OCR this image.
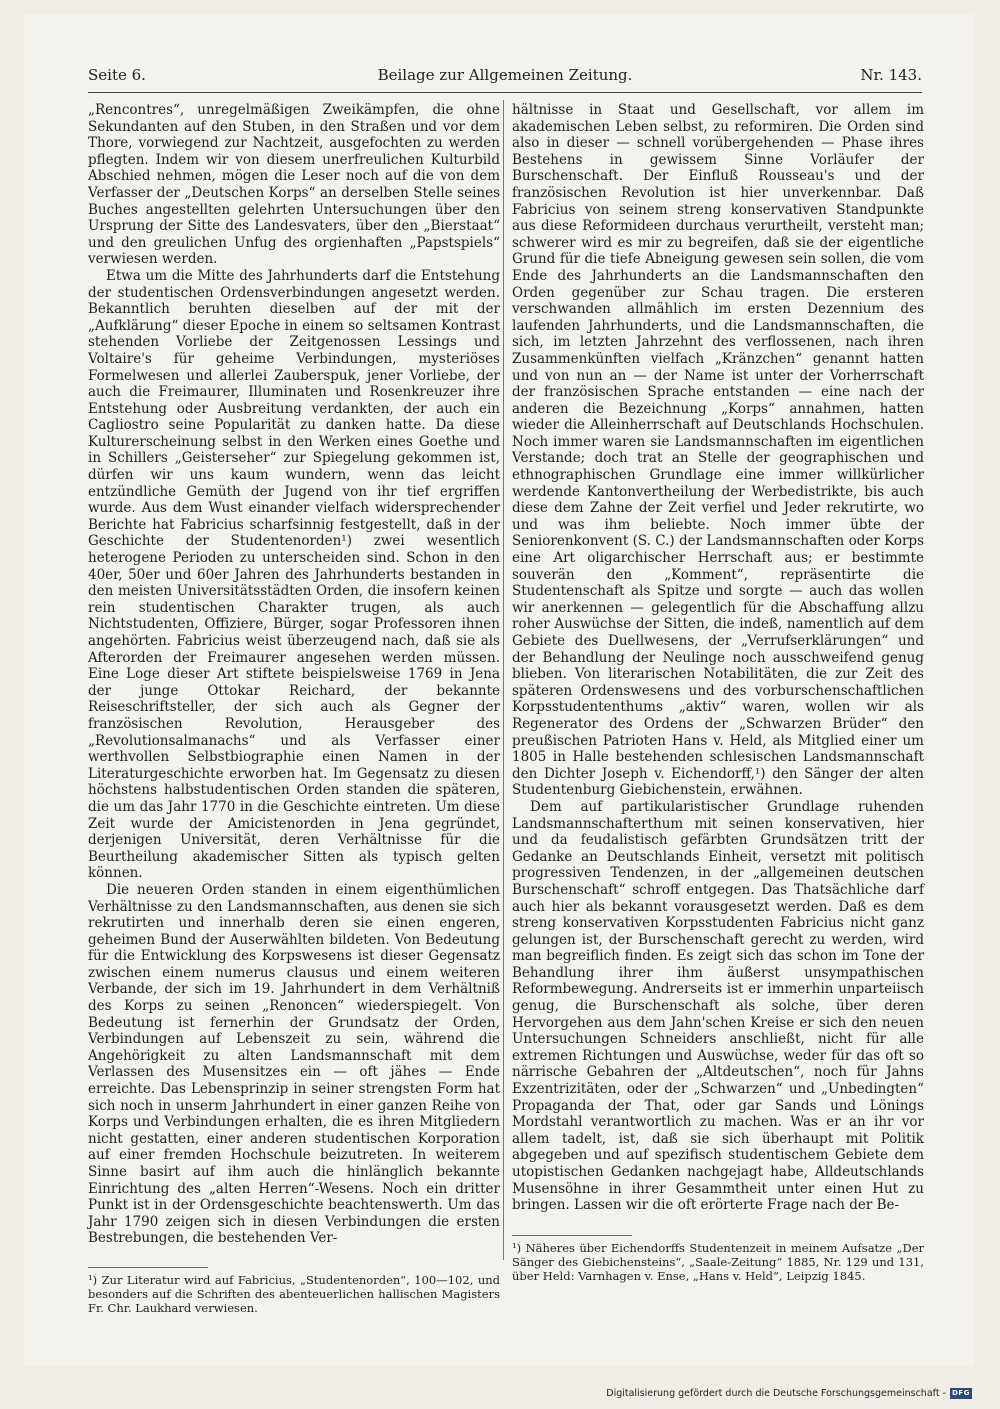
Beilage zur Allgemeinen Zeitung.
Seite 6.	Nr. 143.

„Rencontres“, unregelmäßigen Zweikämpfen, die ohne Sekundanten auf den Stuben, in den Straßen und vor dem Thore, vorwiegend zur Nachtzeit, ausgefochten zu werden pflegten. Indem wir von diesem unerfreulichen Kulturbild Abschied nehmen, mögen die Leser noch auf die von dem Verfasser der „Deutschen Korps“ an derselben Stelle seines Buches angestellten gelehrten Untersuchungen über den Ursprung der Sitte des Landesvaters, über den „Bierstaat“ und den greulichen Unfug des orgienhaften „Papstspiels“ verwiesen werden.

Etwa um die Mitte des Jahrhunderts darf die Entstehung der studentischen Ordensverbindungen angesetzt werden. Bekanntlich beruhten dieselben auf der mit der „Aufklärung“ dieser Epoche in einem so seltsamen Kontrast stehenden Vorliebe der Zeitgenossen Lessings und Voltaire's für geheime Verbindungen, mysteriöses Formelwesen und allerlei Zauberspuk, jener Vorliebe, der auch die Freimaurer, Illuminaten und Rosenkreuzer ihre Entstehung oder Ausbreitung verdankten, der auch ein Cagliostro seine Popularität zu danken hatte. Da diese Kulturerscheinung selbst in den Werken eines Goethe und in Schillers „Geisterseher“ zur Spiegelung gekommen ist, dürfen wir uns kaum wundern, wenn das leicht entzündliche Gemüth der Jugend von ihr tief ergriffen wurde. Aus dem Wust einander vielfach widersprechender Berichte hat Fabricius scharfsinnig festgestellt, daß in der Geschichte der Studentenorden¹) zwei wesentlich heterogene Perioden zu unterscheiden sind. Schon in den 40er, 50er und 60er Jahren des Jahrhunderts bestanden in den meisten Universitätsstädten Orden, die insofern keinen rein studentischen Charakter trugen, als auch Nichtstudenten, Offiziere, Bürger, sogar Professoren ihnen angehörten. Fabricius weist überzeugend nach, daß sie als Afterorden der Freimaurer angesehen werden müssen. Eine Loge dieser Art stiftete beispielsweise 1769 in Jena der junge Ottokar Reichard, der bekannte Reiseschriftsteller, der sich auch als Gegner der französischen Revolution, Herausgeber des „Revolutionsalmanachs“ und als Verfasser einer werthvollen Selbstbiographie einen Namen in der Literaturgeschichte erworben hat. Im Gegensatz zu diesen höchstens halbstudentischen Orden standen die späteren, die um das Jahr 1770 in die Geschichte eintreten. Um diese Zeit wurde der Amicistenorden in Jena gegründet, derjenigen Universität, deren Verhältnisse für die Beurtheilung akademischer Sitten als typisch gelten können.

Die neueren Orden standen in einem eigenthümlichen Verhältnisse zu den Landsmannschaften, aus denen sie sich rekrutirten und innerhalb deren sie einen engeren, geheimen Bund der Auserwählten bildeten. Von Bedeutung für die Entwicklung des Korpswesens ist dieser Gegensatz zwischen einem numerus clausus und einem weiteren Verbande, der sich im 19. Jahrhundert in dem Verhältniß des Korps zu seinen „Renoncen“ wiederspiegelt. Von Bedeutung ist fernerhin der Grundsatz der Orden, Verbindungen auf Lebenszeit zu sein, während die Angehörigkeit zu alten Landsmannschaft mit dem Verlassen des Musensitzes ein — oft jähes — Ende erreichte. Das Lebensprinzip in seiner strengsten Form hat sich noch in unserm Jahrhundert in einer ganzen Reihe von Korps und Verbindungen erhalten, die es ihren Mitgliedern nicht gestatten, einer anderen studentischen Korporation auf einer fremden Hochschule beizutreten. In weiterem Sinne basirt auf ihm auch die hinlänglich bekannte Einrichtung des „alten Herren“-Wesens. Noch ein dritter Punkt ist in der Ordensgeschichte beachtenswerth. Um das Jahr 1790 zeigen sich in diesen Verbindungen die ersten Bestrebungen, die bestehenden Ver-

hältnisse in Staat und Gesellschaft, vor allem im akademischen Leben selbst, zu reformiren. Die Orden sind also in dieser — schnell vorübergehenden — Phase ihres Bestehens in gewissem Sinne Vorläufer der Burschenschaft. Der Einfluß Rousseau's und der französischen Revolution ist hier unverkennbar. Daß Fabricius von seinem streng konservativen Standpunkte aus diese Reformideen durchaus verurtheilt, versteht man; schwerer wird es mir zu begreifen, daß sie der eigentliche Grund für die tiefe Abneigung gewesen sein sollen, die vom Ende des Jahrhunderts an die Landsmannschaften den Orden gegenüber zur Schau tragen. Die ersteren verschwanden allmählich im ersten Dezennium des laufenden Jahrhunderts, und die Landsmannschaften, die sich, im letzten Jahrzehnt des verflossenen, nach ihren Zusammenkünften vielfach „Kränzchen“ genannt hatten und von nun an — der Name ist unter der Vorherrschaft der französischen Sprache entstanden — eine nach der anderen die Bezeichnung „Korps“ annahmen, hatten wieder die Alleinherrschaft auf Deutschlands Hochschulen. Noch immer waren sie Landsmannschaften im eigentlichen Verstande; doch trat an Stelle der geographischen und ethnographischen Grundlage eine immer willkürlicher werdende Kantonvertheilung der Werbedistrikte, bis auch diese dem Zahne der Zeit verfiel und Jeder rekrutirte, wo und was ihm beliebte. Noch immer übte der Seniorenkonvent (S. C.) der Landsmannschaften oder Korps eine Art oligarchischer Herrschaft aus; er bestimmte souverän den „Komment“, repräsentirte die Studentenschaft als Spitze und sorgte — auch das wollen wir anerkennen — gelegentlich für die Abschaffung allzu roher Auswüchse der Sitten, die indeß, namentlich auf dem Gebiete des Duellwesens, der „Verrufserklärungen“ und der Behandlung der Neulinge noch ausschweifend genug blieben. Von literarischen Notabilitäten, die zur Zeit des späteren Ordenswesens und des vorburschenschaftlichen Korpsstudententhums „aktiv“ waren, wollen wir als Regenerator des Ordens der „Schwarzen Brüder“ den preußischen Patrioten Hans v. Held, als Mitglied einer um 1805 in Halle bestehenden schlesischen Landsmannschaft den Dichter Joseph v. Eichendorff,¹) den Sänger der alten Studentenburg Giebichenstein, erwähnen.

Dem auf partikularistischer Grundlage ruhenden Landsmannschafterthum mit seinen konservativen, hier und da feudalistisch gefärbten Grundsätzen tritt der Gedanke an Deutschlands Einheit, versetzt mit politisch progressiven Tendenzen, in der „allgemeinen deutschen Burschenschaft“ schroff entgegen. Das Thatsächliche darf auch hier als bekannt vorausgesetzt werden. Daß es dem streng konservativen Korpsstudenten Fabricius nicht ganz gelungen ist, der Burschenschaft gerecht zu werden, wird man begreiflich finden. Es zeigt sich das schon im Tone der Behandlung ihrer ihm äußerst unsympathischen Reformbewegung. Andrerseits ist er immerhin unparteiisch genug, die Burschenschaft als solche, über deren Hervorgehen aus dem Jahn'schen Kreise er sich den neuen Untersuchungen Schneiders anschließt, nicht für alle extremen Richtungen und Auswüchse, weder für das oft so närrische Gebahren der „Altdeutschen“, noch für Jahns Exzentrizitäten, oder der „Schwarzen“ und „Unbedingten“ Propaganda der That, oder gar Sands und Lönings Mordstahl verantwortlich zu machen. Was er an ihr vor allem tadelt, ist, daß sie sich überhaupt mit Politik abgegeben und auf spezifisch studentischem Gebiete dem utopistischen Gedanken nachgejagt habe, Alldeutschlands Musensöhne in ihrer Gesammtheit unter einen Hut zu bringen. Lassen wir die oft erörterte Frage nach der Be-

¹) Zur Literatur wird auf Fabricius, „Studentenorden“, 100—102, und besonders auf die Schriften des abenteuerlichen hallischen Magisters Fr. Chr. Laukhard verwiesen.
¹) Näheres über Eichendorffs Studentenzeit in meinem Aufsatze „Der Sänger des Giebichensteins“, „Saale-Zeitung“ 1885, Nr. 129 und 131, über Held: Varnhagen v. Ense, „Hans v. Held“, Leipzig 1845.
Digitalisierung gefördert durch die Deutsche Forschungsgemeinschaft - DFG
